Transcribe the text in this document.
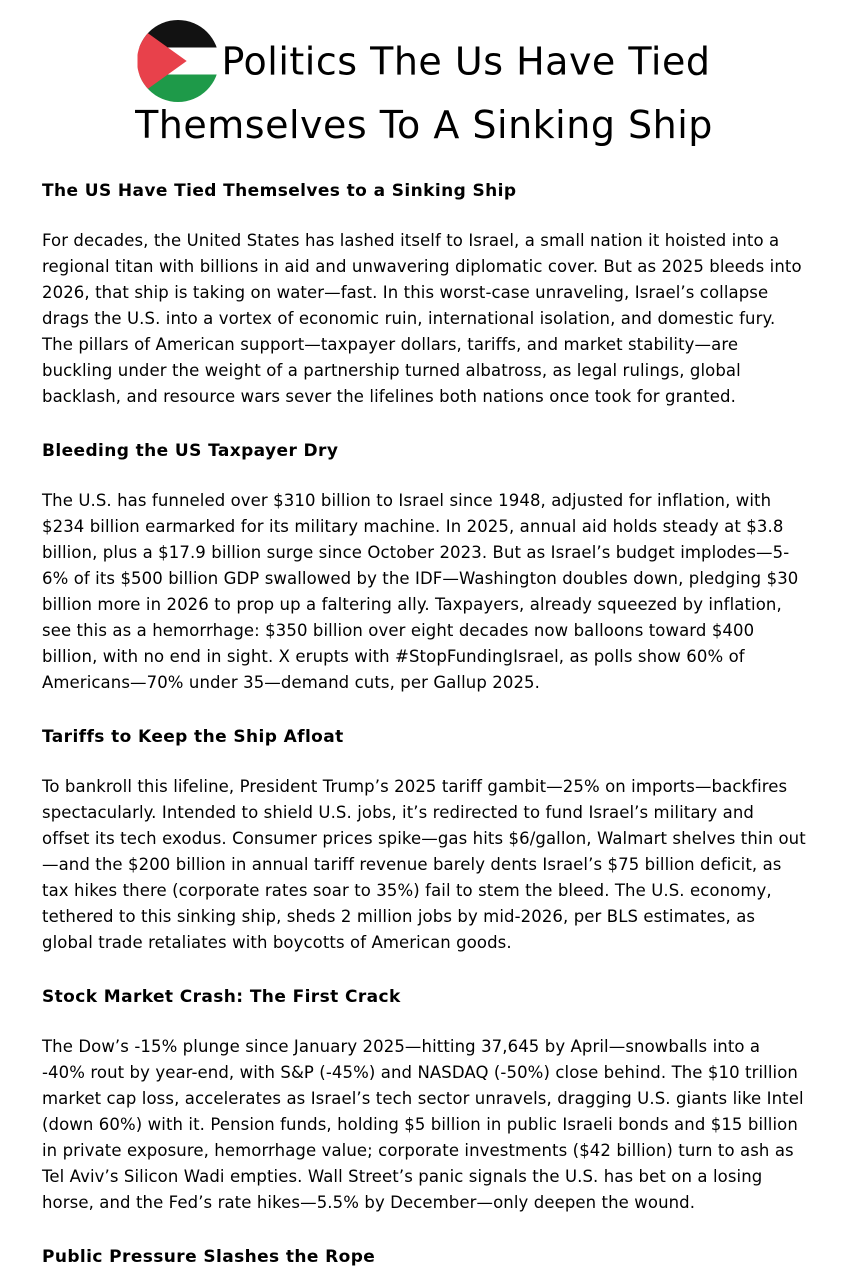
Politics The Us Have Tied Themselves To A Sinking Ship
The US Have Tied Themselves to a Sinking Ship

For decades, the United States has lashed itself to Israel, a small nation it hoisted into a regional titan with billions in aid and unwavering diplomatic cover. But as 2025 bleeds into 2026, that ship is taking on water—fast. In this worst-case unraveling, Israel’s collapse drags the U.S. into a vortex of economic ruin, international isolation, and domestic fury. The pillars of American support—taxpayer dollars, tariffs, and market stability—are buckling under the weight of a partnership turned albatross, as legal rulings, global backlash, and resource wars sever the lifelines both nations once took for granted.

Bleeding the US Taxpayer Dry

The U.S. has funneled over $310 billion to Israel since 1948, adjusted for inflation, with $234 billion earmarked for its military machine. In 2025, annual aid holds steady at $3.8 billion, plus a $17.9 billion surge since October 2023. But as Israel’s budget implodes—5-6% of its $500 billion GDP swallowed by the IDF—Washington doubles down, pledging $30 billion more in 2026 to prop up a faltering ally. Taxpayers, already squeezed by inflation, see this as a hemorrhage: $350 billion over eight decades now balloons toward $400 billion, with no end in sight. X erupts with #StopFundingIsrael, as polls show 60% of Americans—70% under 35—demand cuts, per Gallup 2025.

Tariffs to Keep the Ship Afloat

To bankroll this lifeline, President Trump’s 2025 tariff gambit—25% on imports—backfires spectacularly. Intended to shield U.S. jobs, it’s redirected to fund Israel’s military and offset its tech exodus. Consumer prices spike—gas hits $6/gallon, Walmart shelves thin out—and the $200 billion in annual tariff revenue barely dents Israel’s $75 billion deficit, as tax hikes there (corporate rates soar to 35%) fail to stem the bleed. The U.S. economy, tethered to this sinking ship, sheds 2 million jobs by mid-2026, per BLS estimates, as global trade retaliates with boycotts of American goods.

Stock Market Crash: The First Crack

The Dow’s -15% plunge since January 2025—hitting 37,645 by April—snowballs into a -40% rout by year-end, with S&P (-45%) and NASDAQ (-50%) close behind. The $10 trillion market cap loss, accelerates as Israel’s tech sector unravels, dragging U.S. giants like Intel (down 60%) with it. Pension funds, holding $5 billion in public Israeli bonds and $15 billion in private exposure, hemorrhage value; corporate investments ($42 billion) turn to ash as Tel Aviv’s Silicon Wadi empties. Wall Street’s panic signals the U.S. has bet on a losing horse, and the Fed’s rate hikes—5.5% by December—only deepen the wound.

Public Pressure Slashes the Rope
